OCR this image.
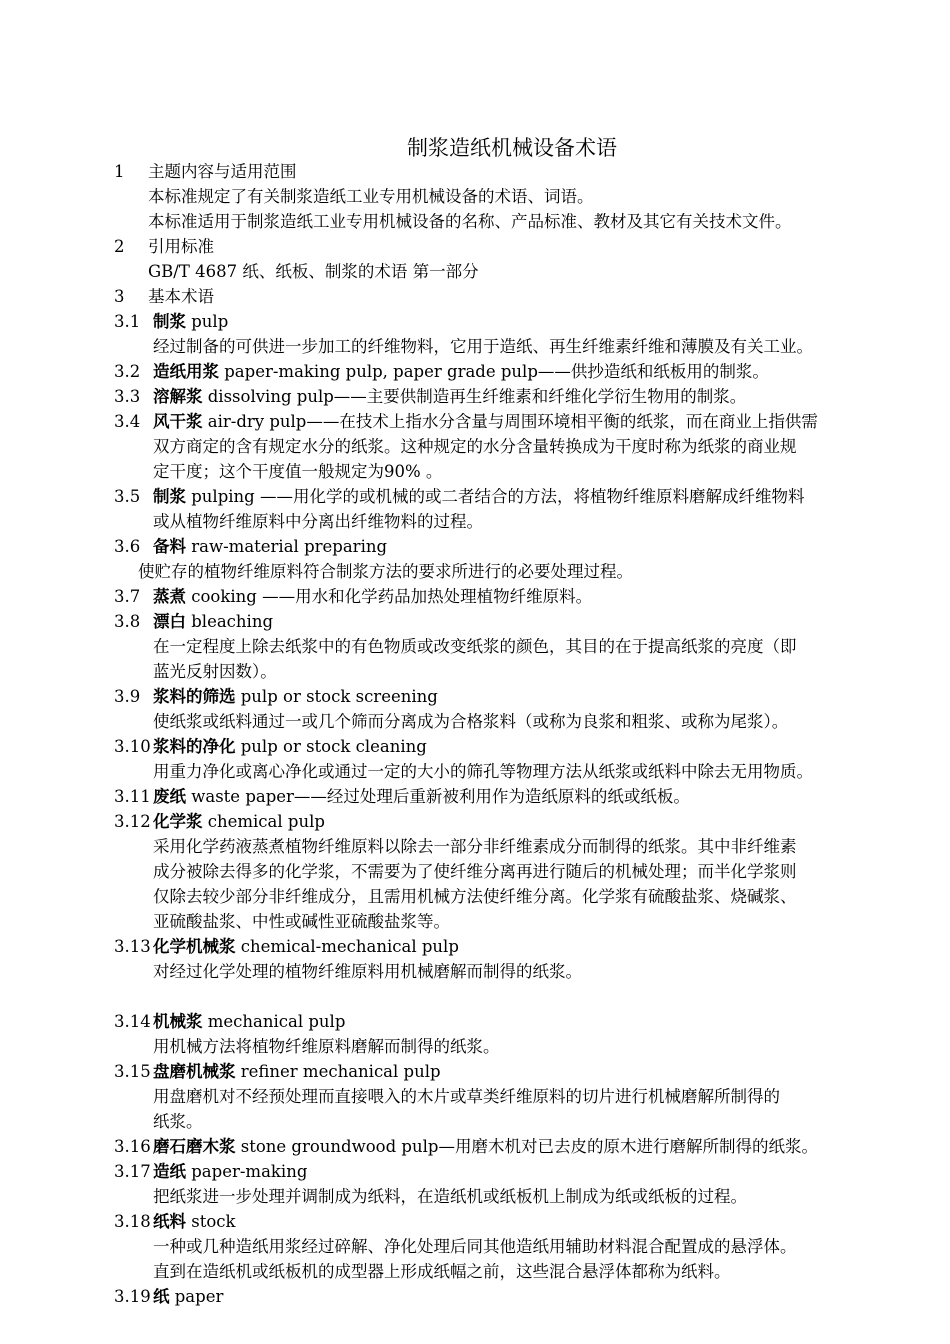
制浆造纸机械设备术语
1 主题内容与适用范围
本标准规定了有关制浆造纸工业专用机械设备的术语、词语。
本标准适用于制浆造纸工业专用机械设备的名称、产品标准、教材及其它有关技术文件。
2 引用标准
GB/T 4687 纸、纸板、制浆的术语 第一部分
3 基本术语
3.1 制浆 pulp
经过制备的可供进一步加工的纤维物料，它用于造纸、再生纤维素纤维和薄膜及有关工业。
3.2 造纸用浆 paper-making pulp, paper grade pulp——供抄造纸和纸板用的制浆。
3.3 溶解浆 dissolving pulp——主要供制造再生纤维素和纤维化学衍生物用的制浆。
3.4 风干浆 air-dry pulp——在技术上指水分含量与周围环境相平衡的纸浆，而在商业上指供需
双方商定的含有规定水分的纸浆。这种规定的水分含量转换成为干度时称为纸浆的商业规
定干度；这个干度值一般规定为90% 。
3.5 制浆 pulping ——用化学的或机械的或二者结合的方法，将植物纤维原料磨解成纤维物料
或从植物纤维原料中分离出纤维物料的过程。
3.6 备料 raw-material preparing
使贮存的植物纤维原料符合制浆方法的要求所进行的必要处理过程。
3.7 蒸煮 cooking ——用水和化学药品加热处理植物纤维原料。
3.8 漂白 bleaching
在一定程度上除去纸浆中的有色物质或改变纸浆的颜色，其目的在于提高纸浆的亮度（即
蓝光反射因数）。
3.9 浆料的筛选 pulp or stock screening
使纸浆或纸料通过一或几个筛而分离成为合格浆料（或称为良浆和粗浆、或称为尾浆）。
3.10 浆料的净化 pulp or stock cleaning
用重力净化或离心净化或通过一定的大小的筛孔等物理方法从纸浆或纸料中除去无用物质。
3.11 废纸 waste paper——经过处理后重新被利用作为造纸原料的纸或纸板。
3.12 化学浆 chemical pulp
采用化学药液蒸煮植物纤维原料以除去一部分非纤维素成分而制得的纸浆。其中非纤维素
成分被除去得多的化学浆，不需要为了使纤维分离再进行随后的机械处理；而半化学浆则
仅除去较少部分非纤维成分，且需用机械方法使纤维分离。化学浆有硫酸盐浆、烧碱浆、
亚硫酸盐浆、中性或碱性亚硫酸盐浆等。
3.13 化学机械浆 chemical-mechanical pulp
对经过化学处理的植物纤维原料用机械磨解而制得的纸浆。
3.14 机械浆 mechanical pulp
用机械方法将植物纤维原料磨解而制得的纸浆。
3.15 盘磨机械浆 refiner mechanical pulp
用盘磨机对不经预处理而直接喂入的木片或草类纤维原料的切片进行机械磨解所制得的
纸浆。
3.16 磨石磨木浆 stone groundwood pulp—用磨木机对已去皮的原木进行磨解所制得的纸浆。
3.17 造纸 paper-making
把纸浆进一步处理并调制成为纸料，在造纸机或纸板机上制成为纸或纸板的过程。
3.18 纸料 stock
一种或几种造纸用浆经过碎解、净化处理后同其他造纸用辅助材料混合配置成的悬浮体。
直到在造纸机或纸板机的成型器上形成纸幅之前，这些混合悬浮体都称为纸料。
3.19 纸 paper
